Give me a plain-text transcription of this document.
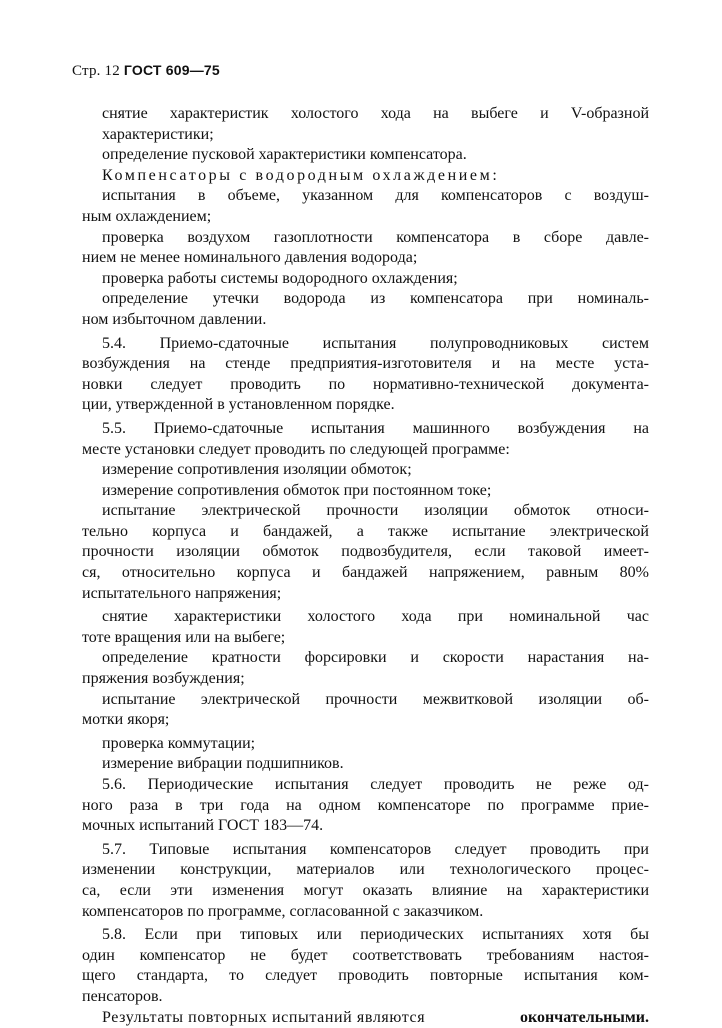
Стр. 12 ГОСТ 609—75

снятие характеристик холостого хода на выбеге и V-образной
характеристики;

определение пусковой характеристики компенсатора.

Компенсаторы с водородным охлаждением:

испытания в объеме, указанном для компенсаторов с воздуш-
ным охлаждением;

проверка воздухом газоплотности компенсатора в сборе давле-
нием не менее номинального давления водорода;

проверка работы системы водородного охлаждения;

определение утечки водорода из компенсатора при номиналь-
ном избыточном давлении.

5.4. Приемо-сдаточные испытания полупроводниковых систем
возбуждения на стенде предприятия-изготовителя и на месте уста-
новки следует проводить по нормативно-технической документа-
ции, утвержденной в установленном порядке.

5.5. Приемо-сдаточные испытания машинного возбуждения на
месте установки следует проводить по следующей программе:

измерение сопротивления изоляции обмоток;

измерение сопротивления обмоток при постоянном токе;

испытание электрической прочности изоляции обмоток относи-
тельно корпуса и бандажей, а также испытание электрической
прочности изоляции обмоток подвозбудителя, если таковой имеет-
ся, относительно корпуса и бандажей напряжением, равным 80%
испытательного напряжения;

снятие характеристики холостого хода при номинальной час
тоте вращения или на выбеге;

определение кратности форсировки и скорости нарастания на-
пряжения возбуждения;

испытание электрической прочности межвитковой изоляции об-
мотки якоря;

проверка коммутации;

измерение вибрации подшипников.

5.6. Периодические испытания следует проводить не реже од-
ного раза в три года на одном компенсаторе по программе прие-
мочных испытаний ГОСТ 183—74.

5.7. Типовые испытания компенсаторов следует проводить при
изменении конструкции, материалов или технологического процес-
са, если эти изменения могут оказать влияние на характеристики
компенсаторов по программе, согласованной с заказчиком.

5.8. Если при типовых или периодических испытаниях хотя бы
один компенсатор не будет соответствовать требованиям настоя-
щего стандарта, то следует проводить повторные испытания ком-
пенсаторов.

Результаты повторных испытаний являются	окончательными.
